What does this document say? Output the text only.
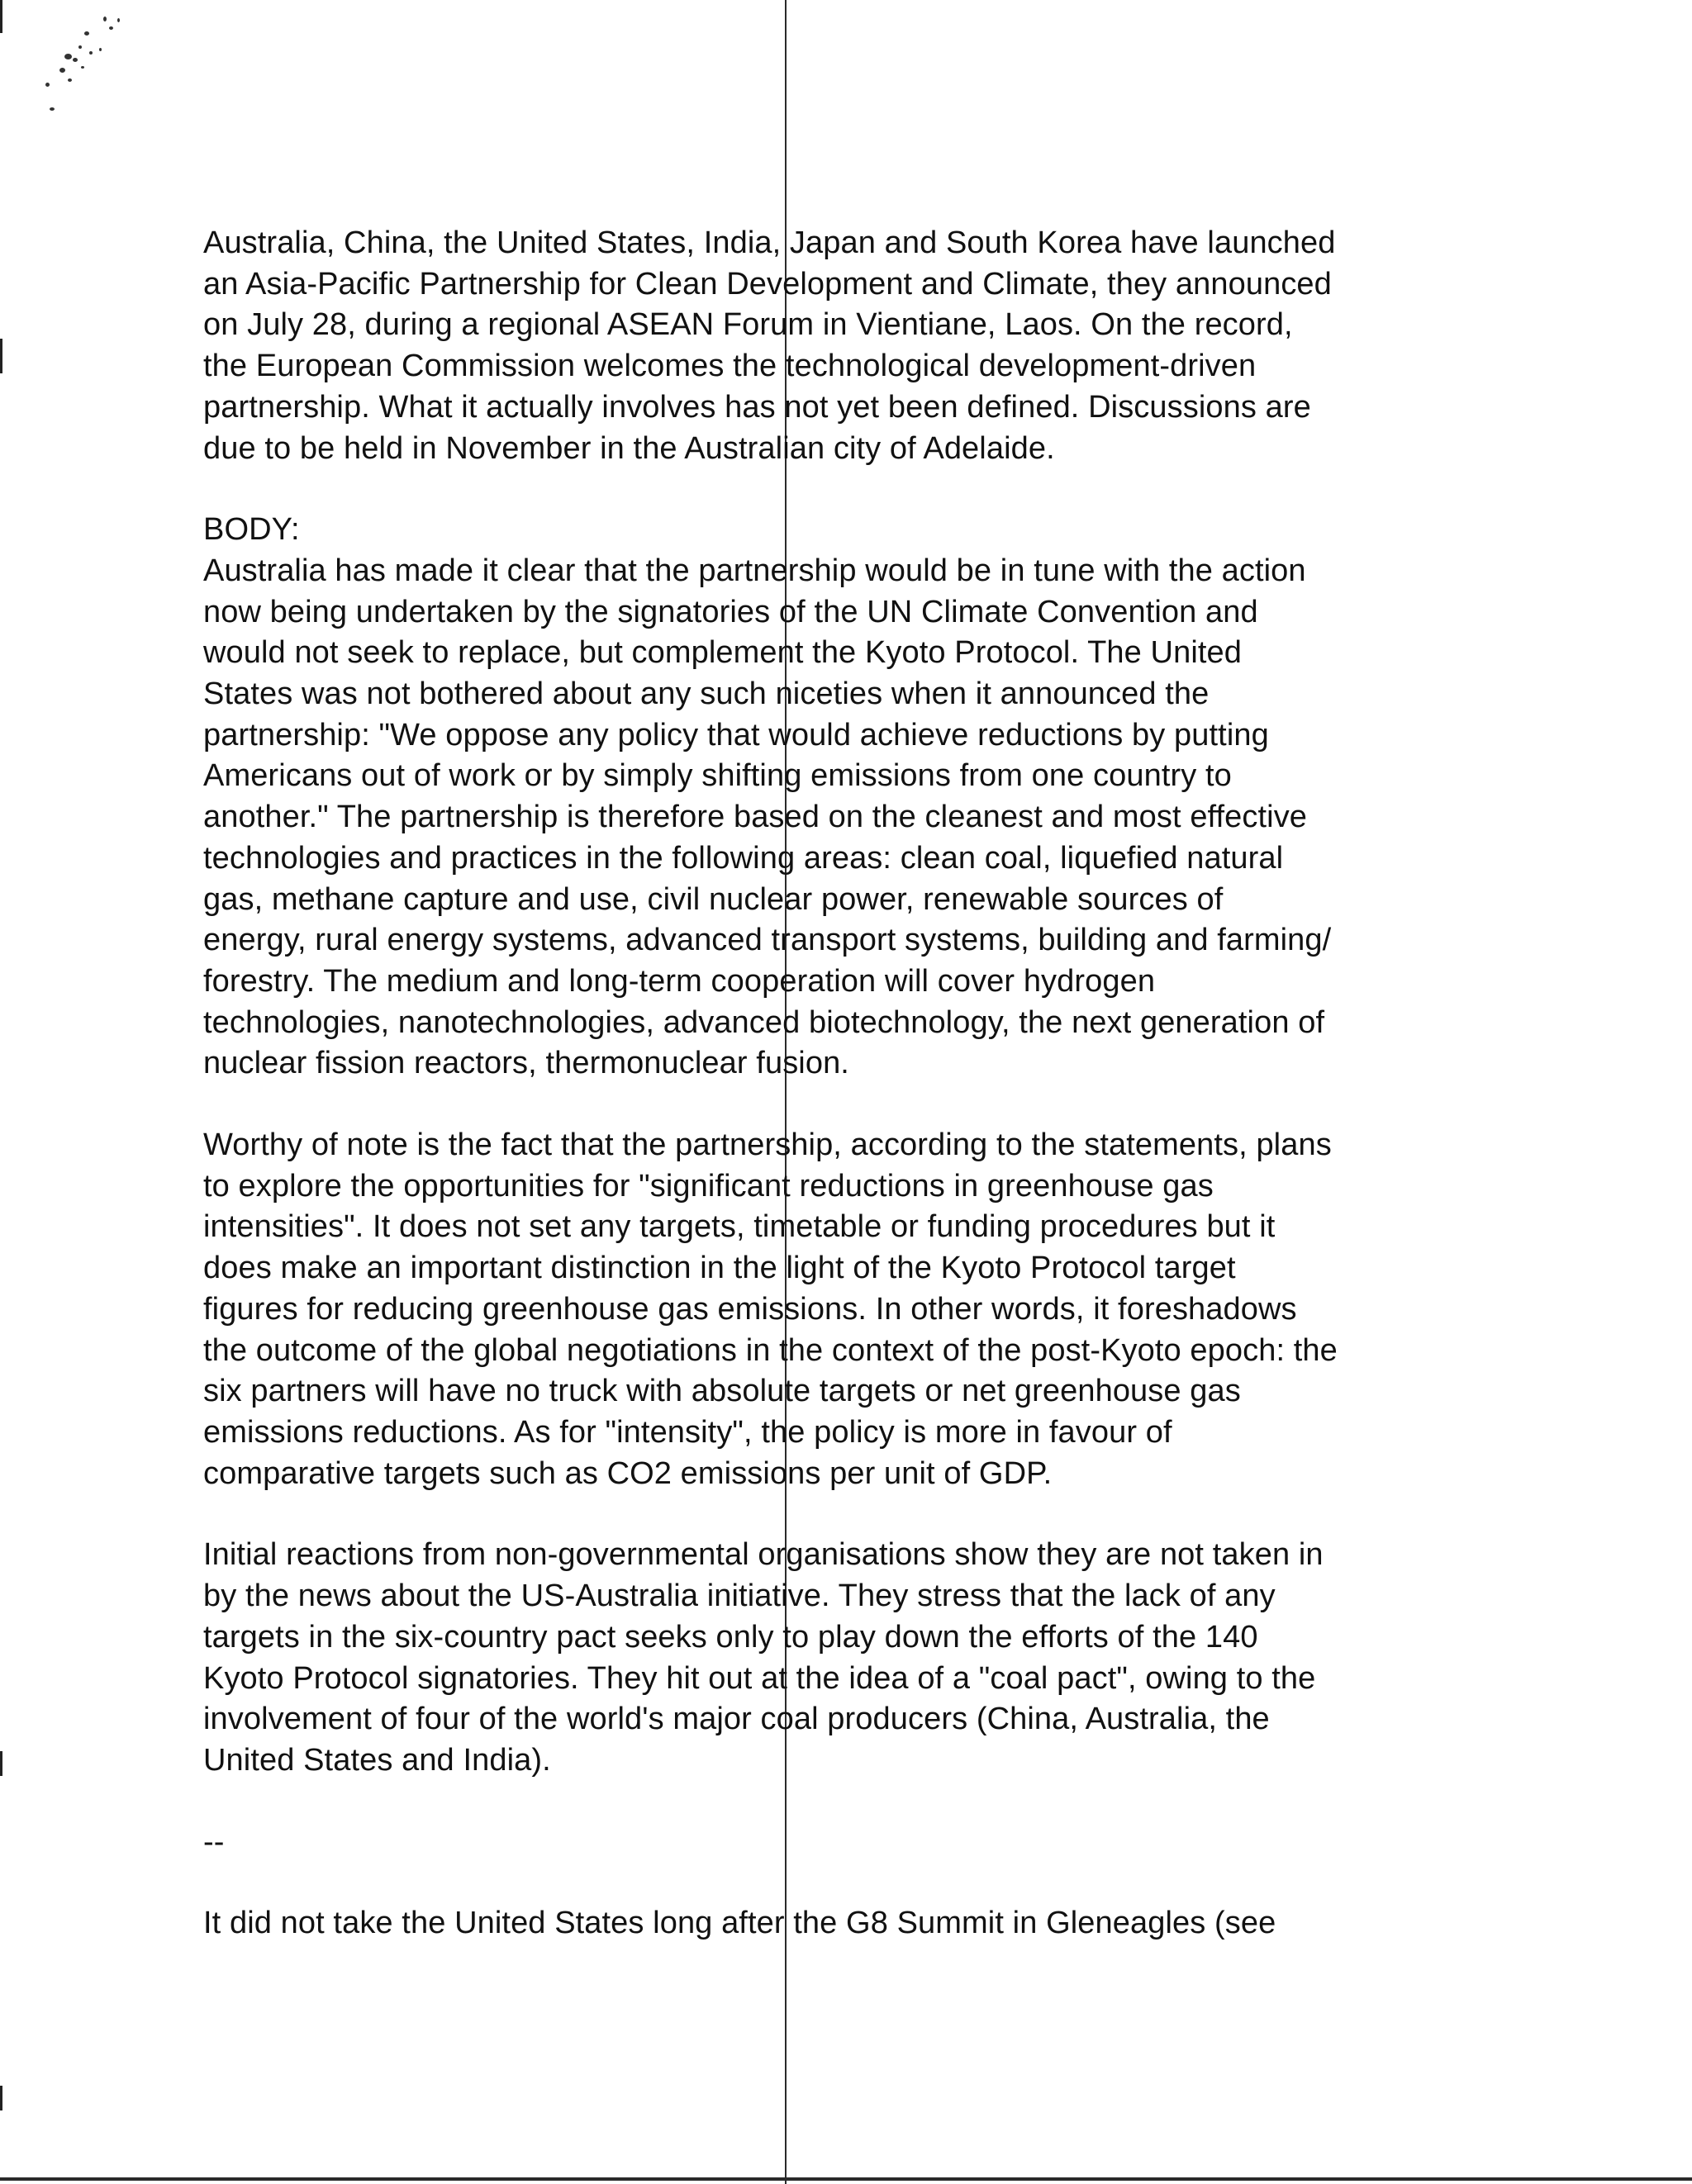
Australia, China, the United States, India, Japan and South Korea have launched
an Asia-Pacific Partnership for Clean Development and Climate, they announced
on July 28, during a regional ASEAN Forum in Vientiane, Laos. On the record,
the European Commission welcomes the technological development-driven
partnership. What it actually involves has not yet been defined. Discussions are
due to be held in November in the Australian city of Adelaide.
BODY:
Australia has made it clear that the partnership would be in tune with the action
now being undertaken by the signatories of the UN Climate Convention and
would not seek to replace, but complement the Kyoto Protocol. The United
States was not bothered about any such niceties when it announced the
partnership: "We oppose any policy that would achieve reductions by putting
Americans out of work or by simply shifting emissions from one country to
another." The partnership is therefore based on the cleanest and most effective
technologies and practices in the following areas: clean coal, liquefied natural
gas, methane capture and use, civil nuclear power, renewable sources of
energy, rural energy systems, advanced transport systems, building and farming/
forestry. The medium and long-term cooperation will cover hydrogen
technologies, nanotechnologies, advanced biotechnology, the next generation of
nuclear fission reactors, thermonuclear fusion.
Worthy of note is the fact that the partnership, according to the statements, plans
to explore the opportunities for "significant reductions in greenhouse gas
intensities". It does not set any targets, timetable or funding procedures but it
does make an important distinction in the light of the Kyoto Protocol target
figures for reducing greenhouse gas emissions. In other words, it foreshadows
the outcome of the global negotiations in the context of the post-Kyoto epoch: the
six partners will have no truck with absolute targets or net greenhouse gas
emissions reductions. As for "intensity", the policy is more in favour of
comparative targets such as CO2 emissions per unit of GDP.
Initial reactions from non-governmental organisations show they are not taken in
by the news about the US-Australia initiative. They stress that the lack of any
targets in the six-country pact seeks only to play down the efforts of the 140
Kyoto Protocol signatories. They hit out at the idea of a "coal pact", owing to the
involvement of four of the world's major coal producers (China, Australia, the
United States and India).
--
It did not take the United States long after the G8 Summit in Gleneagles (see
